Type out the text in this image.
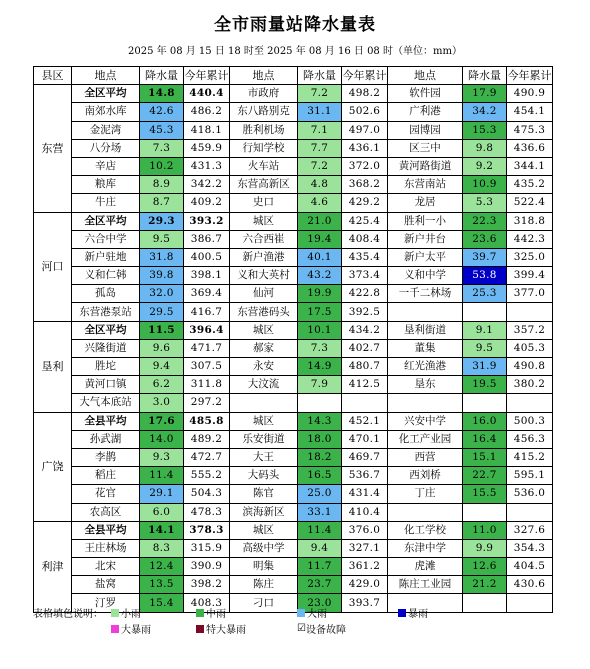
全市雨量站降水量表
2025 年 08 月 15 日 18 时至 2025 年 08 月 16 日 08 时（单位：mm）
县区	地点	降水量	今年累计	地点	降水量	今年累计	地点	降水量	今年累计
东营	全区平均	14.8	440.4	市政府	7.2	498.2	软件园	17.9	490.9
	南郊水库	42.6	486.2	东八路别克	31.1	502.6	广利港	34.2	454.1
	金泥湾	45.3	418.1	胜利机场	7.1	497.0	园博园	15.3	475.3
	八分场	7.3	459.9	行知学校	7.7	436.1	区三中	9.8	436.6
	辛店	10.2	431.3	火车站	7.2	372.0	黄河路街道	9.2	344.1
	粮库	8.9	342.2	东营高新区	4.8	368.2	东营南站	10.9	435.2
	牛庄	8.7	409.2	史口	4.6	429.2	龙居	5.3	522.4
河口	全区平均	29.3	393.2	城区	21.0	425.4	胜利一小	22.3	318.8
	六合中学	9.5	386.7	六合西崔	19.4	408.4	新户井台	23.6	442.3
	新户驻地	31.8	400.5	新户渔港	40.1	435.4	新户太平	39.7	325.0
	义和仁韩	39.8	398.1	义和大英村	43.2	373.4	义和中学	53.8	399.4
	孤岛	32.0	369.4	仙河	19.9	422.8	一千二林场	25.3	377.0
	东营港泵站	29.5	416.7	东营港码头	17.5	392.5			
垦利	全区平均	11.5	396.4	城区	10.1	434.2	垦利街道	9.1	357.2
	兴隆街道	9.6	471.7	郝家	7.3	402.7	董集	9.5	405.3
	胜坨	9.4	307.5	永安	14.9	480.7	红光渔港	31.9	490.8
	黄河口镇	6.2	311.8	大汶流	7.9	412.5	垦东	19.5	380.2
	大气本底站	3.0	297.2						
广饶	全县平均	17.6	485.8	城区	14.3	452.1	兴安中学	16.0	500.3
	孙武湖	14.0	489.2	乐安街道	18.0	470.1	化工产业园	16.4	456.3
	李鹊	9.3	472.7	大王	18.2	469.7	西营	15.1	415.2
	稻庄	11.4	555.2	大码头	16.5	536.7	西刘桥	22.7	595.1
	花官	29.1	504.3	陈官	25.0	431.4	丁庄	15.5	536.0
	农高区	6.0	478.3	滨海新区	33.1	410.4			
利津	全县平均	14.1	378.3	城区	11.4	376.0	化工学校	11.0	327.6
	王庄林场	8.3	315.9	高级中学	9.4	327.1	东津中学	9.9	354.3
	北宋	12.4	390.9	明集	11.7	361.2	虎滩	12.6	404.5
	盐窝	13.5	398.2	陈庄	23.7	429.0	陈庄工业园	21.2	430.6
	汀罗	15.4	408.3	刁口	23.0	393.7			
表格填色说明： 小雨	中雨	大雨	暴雨
大暴雨	特大暴雨	☑ 设备故障
